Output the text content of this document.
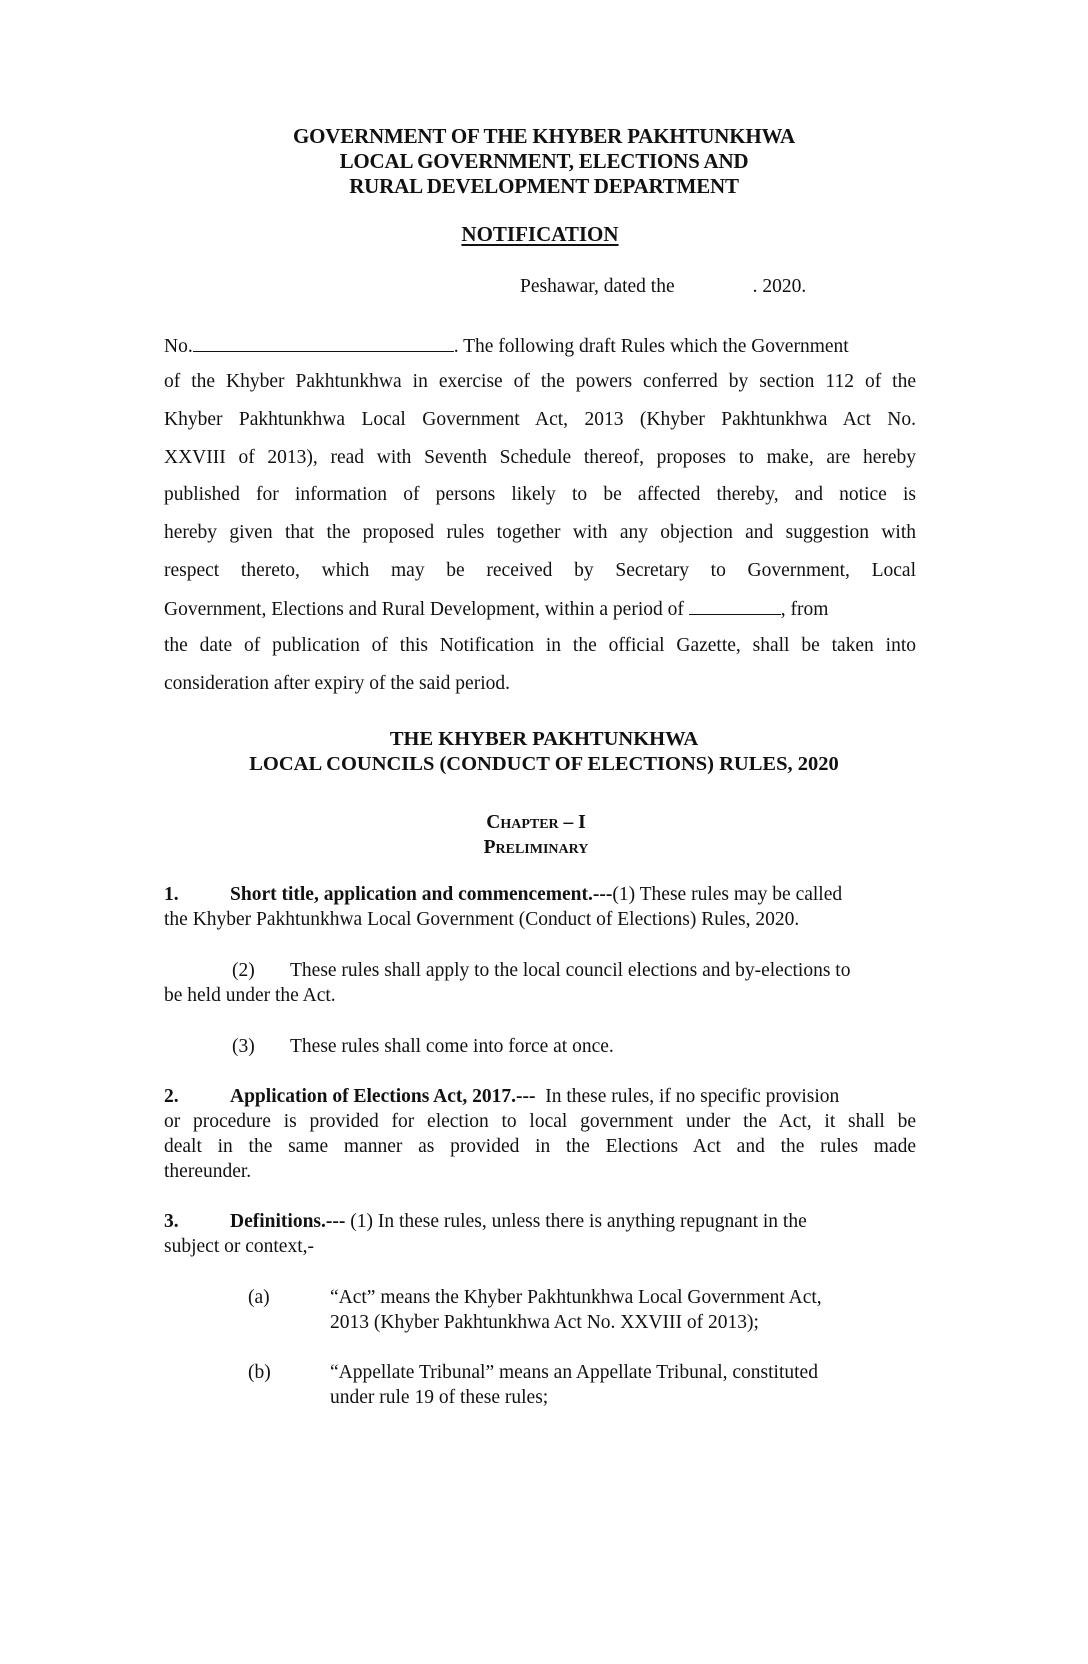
GOVERNMENT OF THE KHYBER PAKHTUNKHWA
LOCAL GOVERNMENT, ELECTIONS AND
RURAL DEVELOPMENT DEPARTMENT
NOTIFICATION
Peshawar, dated the	. 2020.
No.	. The following draft Rules which the Government
of the Khyber Pakhtunkhwa in exercise of the powers conferred by section 112 of the
Khyber Pakhtunkhwa Local Government Act, 2013 (Khyber Pakhtunkhwa Act No.
XXVIII of 2013), read with Seventh Schedule thereof, proposes to make, are hereby
published for information of persons likely to be affected thereby, and notice is
hereby given that the proposed rules together with any objection and suggestion with
respect thereto, which may be received by Secretary to Government, Local
Government, Elections and Rural Development, within a period of	, from
the date of publication of this Notification in the official Gazette, shall be taken into
consideration after expiry of the said period.
THE KHYBER PAKHTUNKHWA
LOCAL COUNCILS (CONDUCT OF ELECTIONS) RULES, 2020
Chapter – I
Preliminary
1.	Short title, application and commencement.---(1) These rules may be called
the Khyber Pakhtunkhwa Local Government (Conduct of Elections) Rules, 2020.
(2) These rules shall apply to the local council elections and by-elections to
be held under the Act.
(3) These rules shall come into force at once.
2.	Application of Elections Act, 2017.--- In these rules, if no specific provision
or procedure is provided for election to local government under the Act, it shall be
dealt in the same manner as provided in the Elections Act and the rules made
thereunder.
3.	Definitions.--- (1) In these rules, unless there is anything repugnant in the
subject or context,-
(a)	“Act” means the Khyber Pakhtunkhwa Local Government Act,
2013 (Khyber Pakhtunkhwa Act No. XXVIII of 2013);
(b)	“Appellate Tribunal” means an Appellate Tribunal, constituted
under rule 19 of these rules;
